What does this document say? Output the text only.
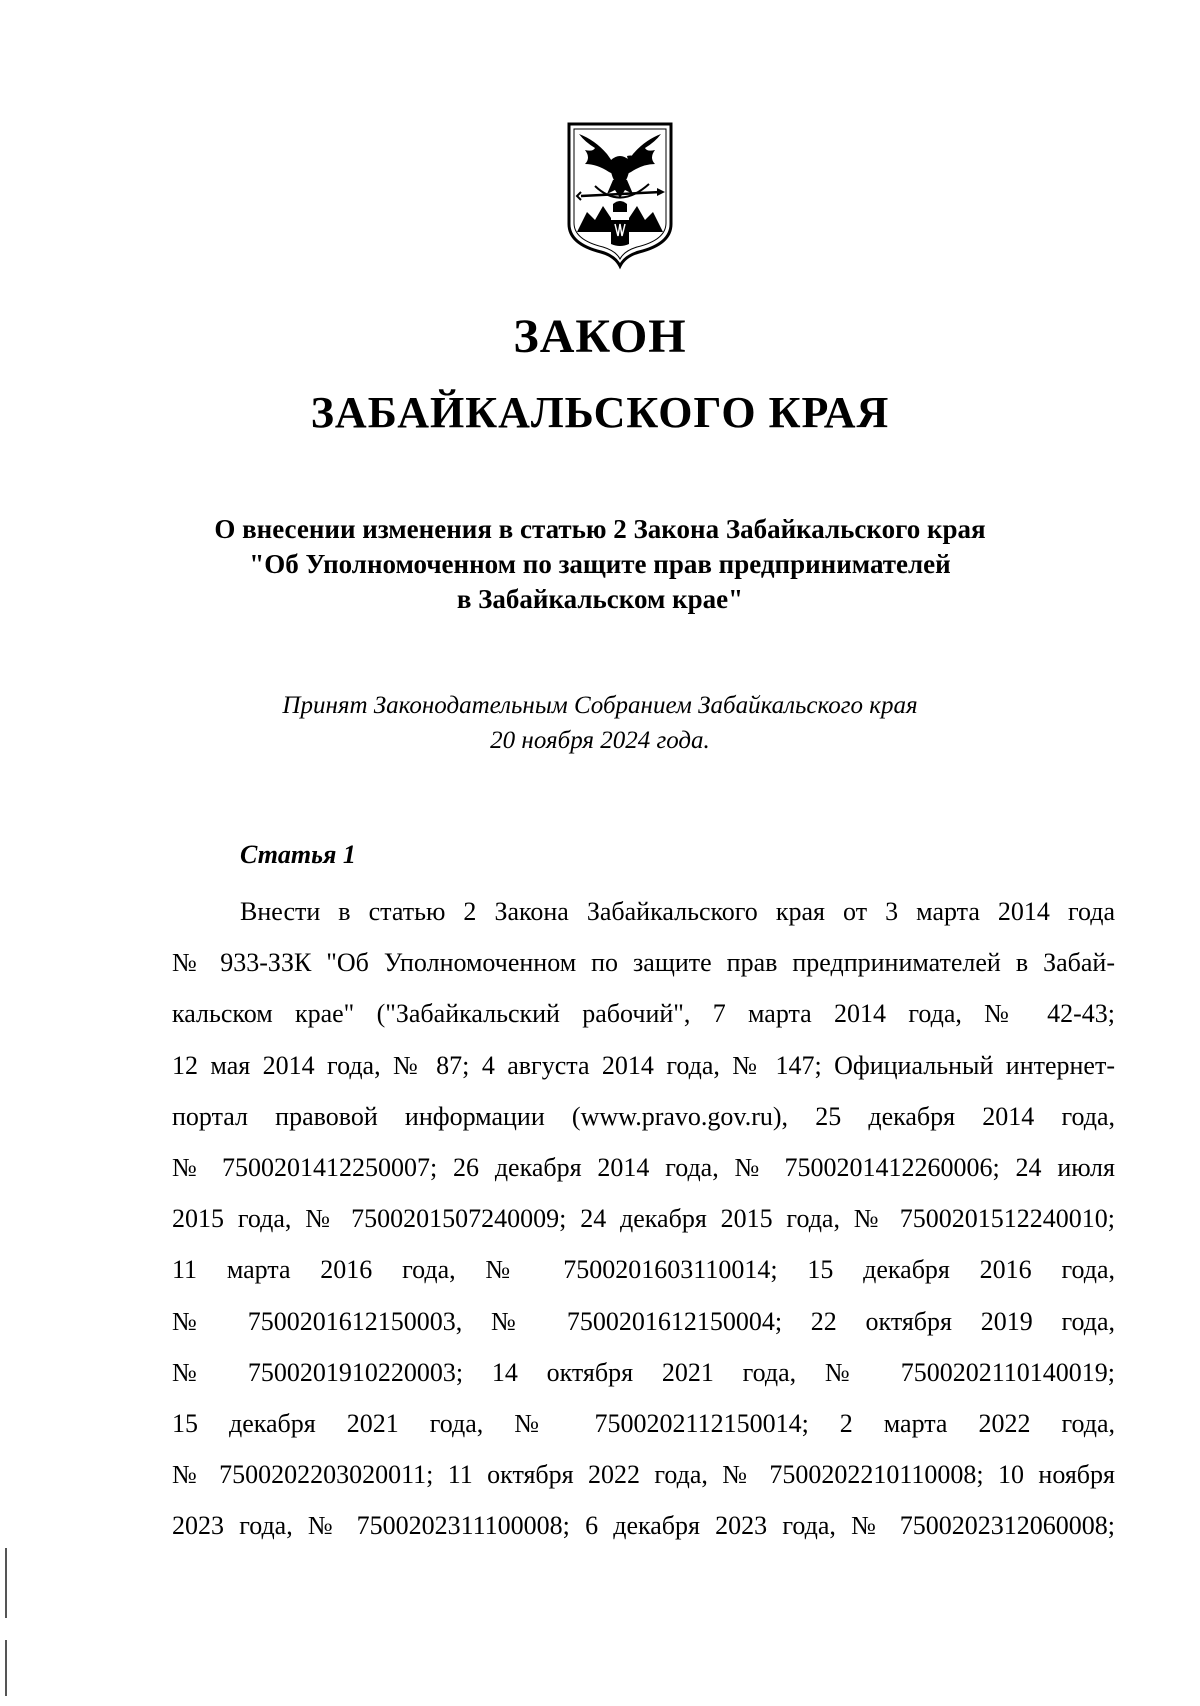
ЗАКОН
ЗАБАЙКАЛЬСКОГО КРАЯ
О внесении изменения в статью 2 Закона Забайкальского края
"Об Уполномоченном по защите прав предпринимателей
в Забайкальском крае"
Принят Законодательным Собранием Забайкальского края
20 ноября 2024 года.
Статья 1
Внести в статью 2 Закона Забайкальского края от 3 марта 2014 года
№ 933-ЗЗК "Об Уполномоченном по защите прав предпринимателей в Забай-
кальском крае" ("Забайкальский рабочий", 7 марта 2014 года, № 42-43;
12 мая 2014 года, № 87; 4 августа 2014 года, № 147; Официальный интернет-
портал правовой информации (www.pravo.gov.ru), 25 декабря 2014 года,
№ 7500201412250007; 26 декабря 2014 года, № 7500201412260006; 24 июля
2015 года, № 7500201507240009; 24 декабря 2015 года, № 7500201512240010;
11 марта 2016 года, № 7500201603110014; 15 декабря 2016 года,
№ 7500201612150003, № 7500201612150004; 22 октября 2019 года,
№ 7500201910220003; 14 октября 2021 года, № 7500202110140019;
15 декабря 2021 года, № 7500202112150014; 2 марта 2022 года,
№ 7500202203020011; 11 октября 2022 года, № 7500202210110008; 10 ноября
2023 года, № 7500202311100008; 6 декабря 2023 года, № 7500202312060008;
